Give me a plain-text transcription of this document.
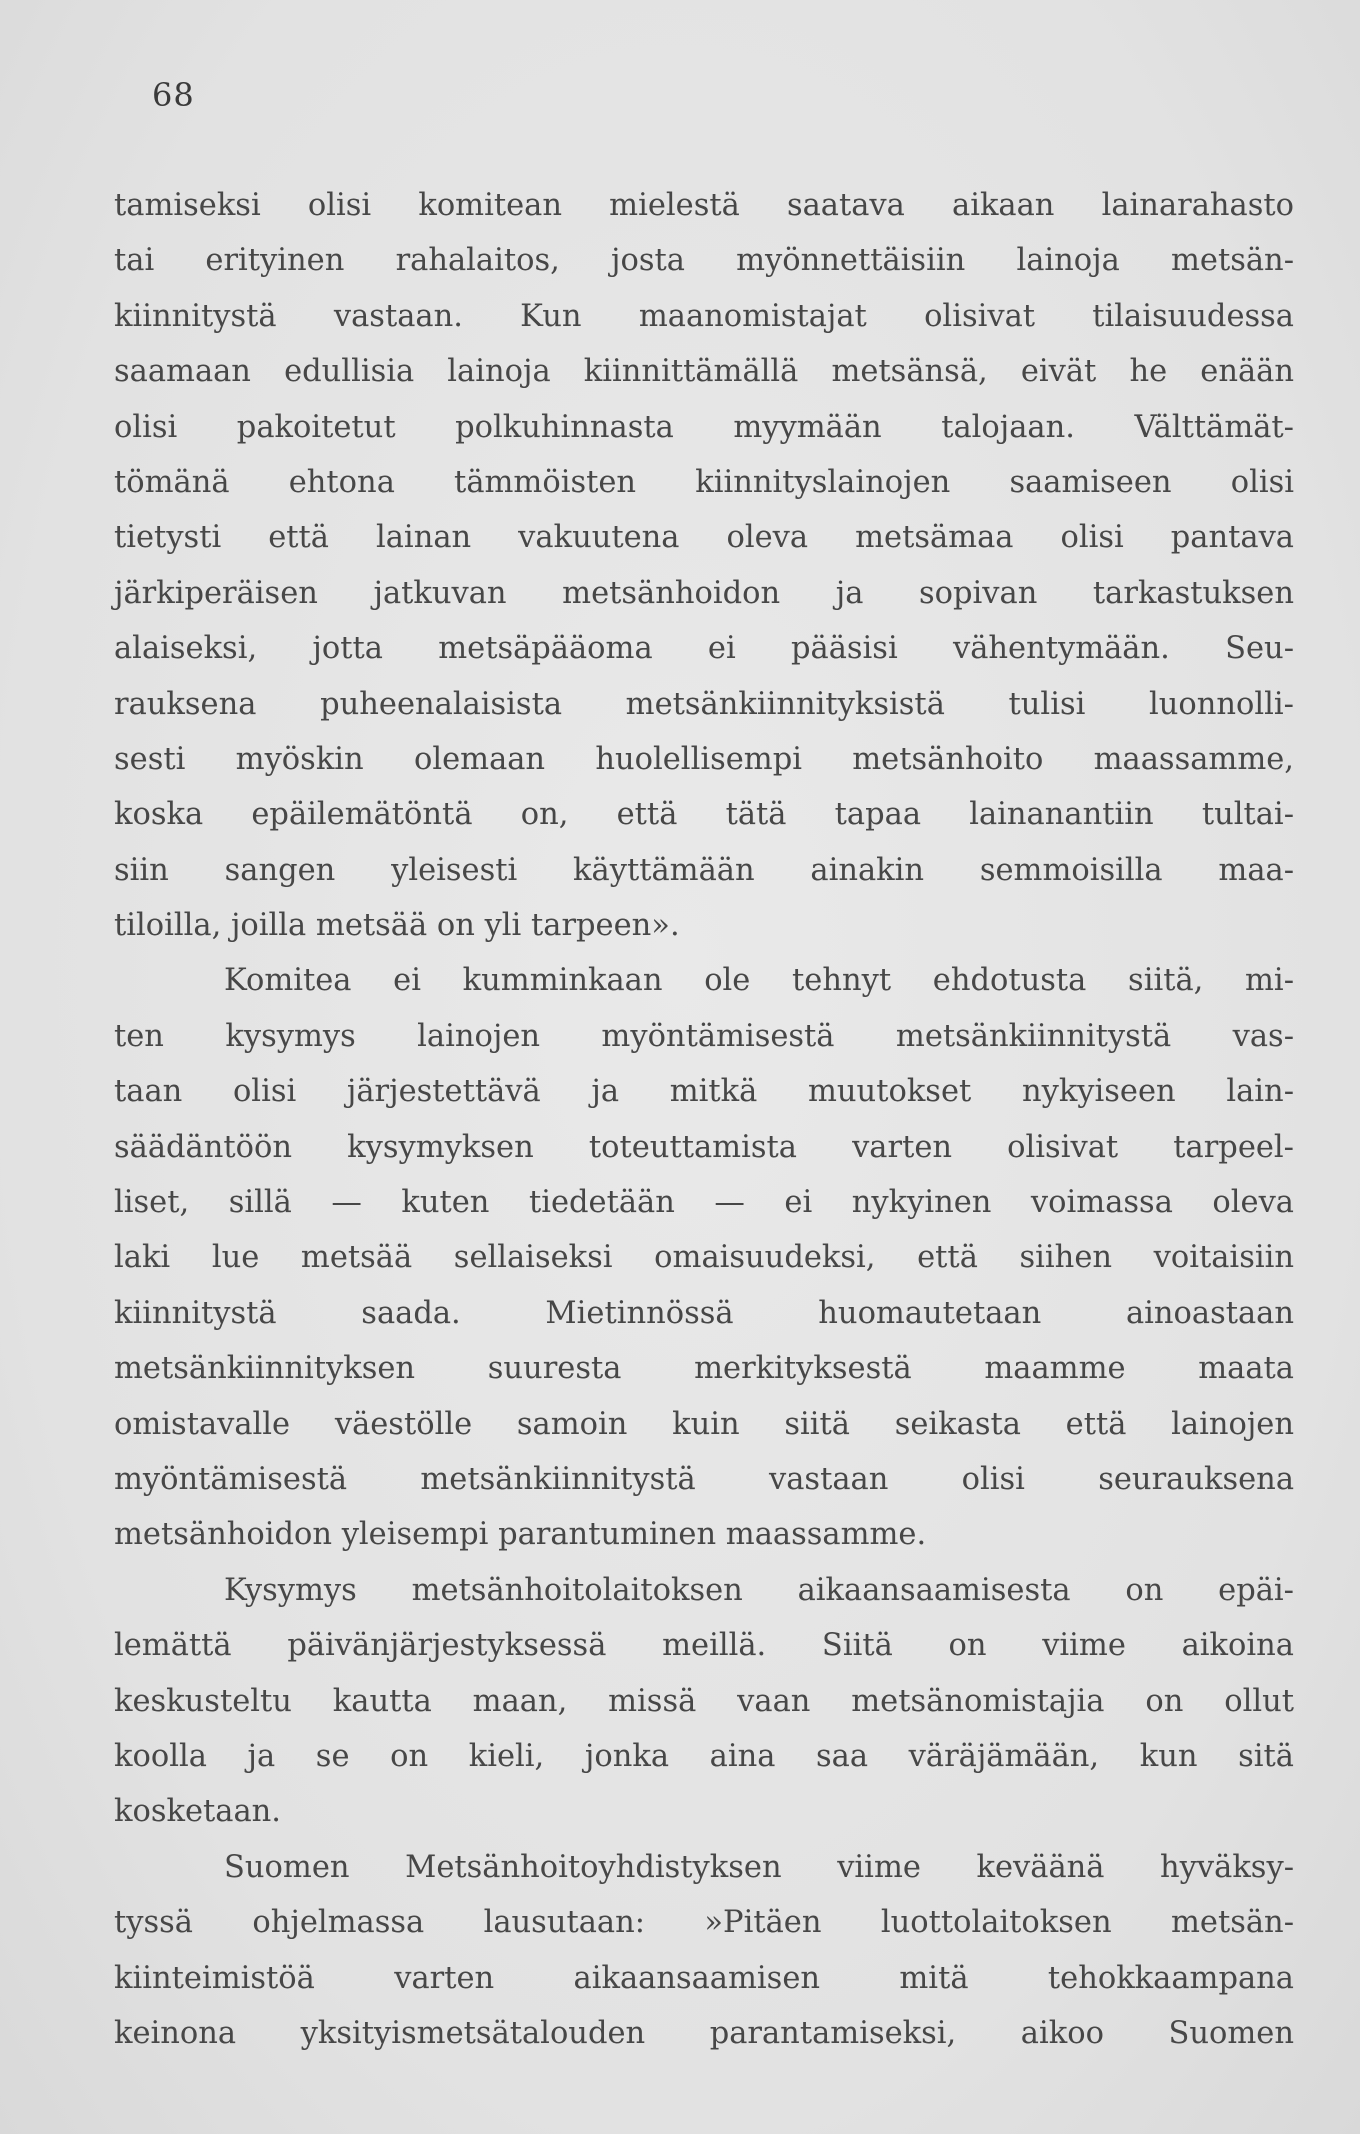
68
tamiseksi olisi komitean mielestä saatava aikaan lainarahasto
tai erityinen rahalaitos, josta myönnettäisiin lainoja metsän-
kiinnitystä vastaan. Kun maanomistajat olisivat tilaisuudessa
saamaan edullisia lainoja kiinnittämällä metsänsä, eivät he enään
olisi pakoitetut polkuhinnasta myymään talojaan. Välttämät-
tömänä ehtona tämmöisten kiinnityslainojen saamiseen olisi
tietysti että lainan vakuutena oleva metsämaa olisi pantava
järkiperäisen jatkuvan metsänhoidon ja sopivan tarkastuksen
alaiseksi, jotta metsäpääoma ei pääsisi vähentymään. Seu-
rauksena puheenalaisista metsänkiinnityksistä tulisi luonnolli-
sesti myöskin olemaan huolellisempi metsänhoito maassamme,
koska epäilemätöntä on, että tätä tapaa lainanantiin tultai-
siin sangen yleisesti käyttämään ainakin semmoisilla maa-
tiloilla, joilla metsää on yli tarpeen».
Komitea ei kumminkaan ole tehnyt ehdotusta siitä, mi-
ten kysymys lainojen myöntämisestä metsänkiinnitystä vas-
taan olisi järjestettävä ja mitkä muutokset nykyiseen lain-
säädäntöön kysymyksen toteuttamista varten olisivat tarpeel-
liset, sillä — kuten tiedetään — ei nykyinen voimassa oleva
laki lue metsää sellaiseksi omaisuudeksi, että siihen voitaisiin
kiinnitystä saada. Mietinnössä huomautetaan ainoastaan
metsänkiinnityksen suuresta merkityksestä maamme maata
omistavalle väestölle samoin kuin siitä seikasta että lainojen
myöntämisestä metsänkiinnitystä vastaan olisi seurauksena
metsänhoidon yleisempi parantuminen maassamme.
Kysymys metsänhoitolaitoksen aikaansaamisesta on epäi-
lemättä päivänjärjestyksessä meillä. Siitä on viime aikoina
keskusteltu kautta maan, missä vaan metsänomistajia on ollut
koolla ja se on kieli, jonka aina saa väräjämään, kun sitä
kosketaan.
Suomen Metsänhoitoyhdistyksen viime keväänä hyväksy-
tyssä ohjelmassa lausutaan: »Pitäen luottolaitoksen metsän-
kiinteimistöä varten aikaansaamisen mitä tehokkaampana
keinona yksityismetsätalouden parantamiseksi, aikoo Suomen
